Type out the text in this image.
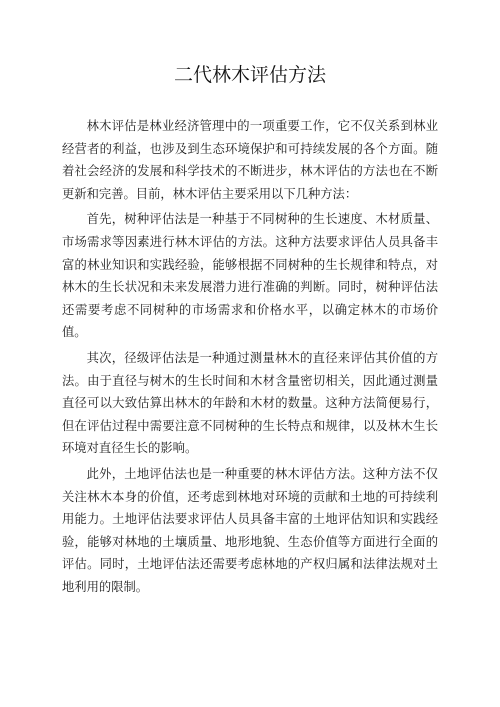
二代林木评估方法

林木评估是林业经济管理中的一项重要工作，它不仅关系到林业经营者的利益，也涉及到生态环境保护和可持续发展的各个方面。随着社会经济的发展和科学技术的不断进步，林木评估的方法也在不断更新和完善。目前，林木评估主要采用以下几种方法：

首先，树种评估法是一种基于不同树种的生长速度、木材质量、市场需求等因素进行林木评估的方法。这种方法要求评估人员具备丰富的林业知识和实践经验，能够根据不同树种的生长规律和特点，对林木的生长状况和未来发展潜力进行准确的判断。同时，树种评估法还需要考虑不同树种的市场需求和价格水平，以确定林木的市场价值。

其次，径级评估法是一种通过测量林木的直径来评估其价值的方法。由于直径与树木的生长时间和木材含量密切相关，因此通过测量直径可以大致估算出林木的年龄和木材的数量。这种方法简便易行，但在评估过程中需要注意不同树种的生长特点和规律，以及林木生长环境对直径生长的影响。

此外，土地评估法也是一种重要的林木评估方法。这种方法不仅关注林木本身的价值，还考虑到林地对环境的贡献和土地的可持续利用能力。土地评估法要求评估人员具备丰富的土地评估知识和实践经验，能够对林地的土壤质量、地形地貌、生态价值等方面进行全面的评估。同时，土地评估法还需要考虑林地的产权归属和法律法规对土地利用的限制。
